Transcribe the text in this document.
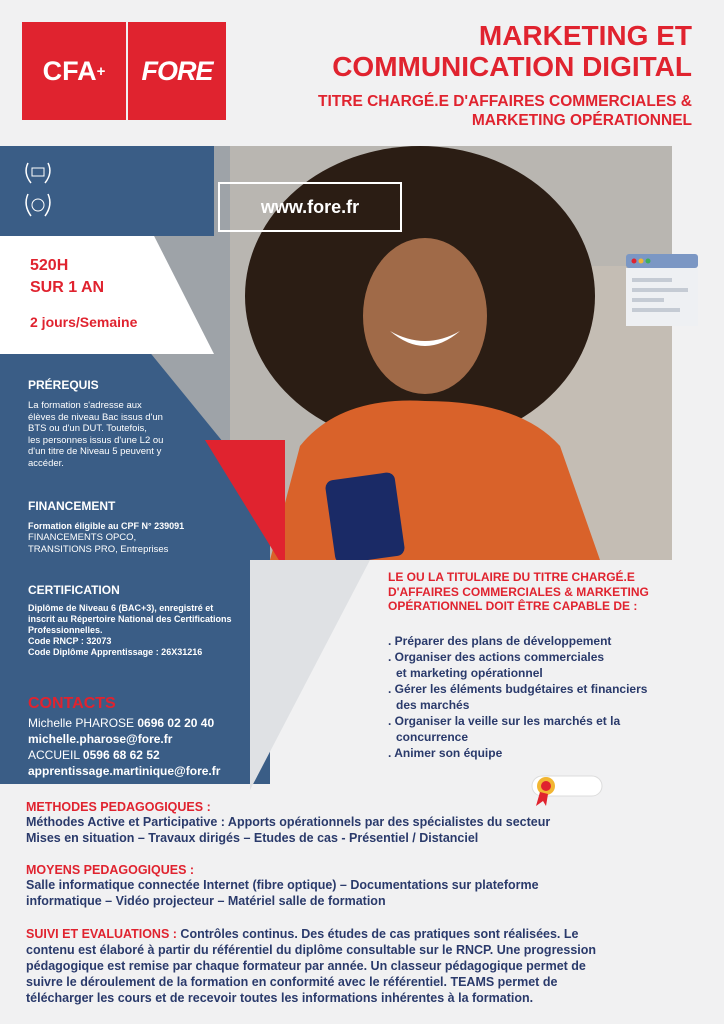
CFA +	FORE
MARKETING ET
COMMUNICATION DIGITAL
TITRE CHARGÉ.E D'AFFAIRES COMMERCIALES &
MARKETING OPÉRATIONNEL
www.fore.fr
520H
SUR 1 AN
2 jours/Semaine
PRÉREQUIS
La formation s'adresse aux
élèves de niveau Bac issus d'un
BTS ou d'un DUT. Toutefois,
les personnes issus d'une L2 ou
d'un titre de Niveau 5 peuvent y
accéder.
FINANCEMENT
Formation éligible au CPF N° 239091
FINANCEMENTS OPCO,
TRANSITIONS PRO, Entreprises
CERTIFICATION
Diplôme de Niveau 6 (BAC+3), enregistré et
inscrit au Répertoire National des Certifications
Professionnelles.
Code RNCP : 32073
Code Diplôme Apprentissage : 26X31216
CONTACTS
Michelle PHAROSE 0696 02 20 40
michelle.pharose@fore.fr
ACCUEIL 0596 68 62 52
apprentissage.martinique@fore.fr
LE OU LA TITULAIRE DU TITRE CHARGÉ.E
D'AFFAIRES COMMERCIALES & MARKETING
OPÉRATIONNEL DOIT ÊTRE CAPABLE DE :
. Préparer des plans de développement
. Organiser des actions commerciales
et marketing opérationnel
. Gérer les éléments budgétaires et financiers
des marchés
. Organiser la veille sur les marchés et la
concurrence
. Animer son équipe
METHODES PEDAGOGIQUES :
Méthodes Active et Participative : Apports opérationnels par des spécialistes du secteur
Mises en situation – Travaux dirigés – Etudes de cas - Présentiel / Distanciel
MOYENS PEDAGOGIQUES :
Salle informatique connectée Internet (fibre optique) – Documentations sur plateforme
informatique – Vidéo projecteur – Matériel salle de formation
SUIVI ET EVALUATIONS : Contrôles continus. Des études de cas pratiques sont réalisées. Le
contenu est élaboré à partir du référentiel du diplôme consultable sur le RNCP. Une progression
pédagogique est remise par chaque formateur par année. Un classeur pédagogique permet de
suivre le déroulement de la formation en conformité avec le référentiel. TEAMS permet de
télécharger les cours et de recevoir toutes les informations inhérentes à la formation.
